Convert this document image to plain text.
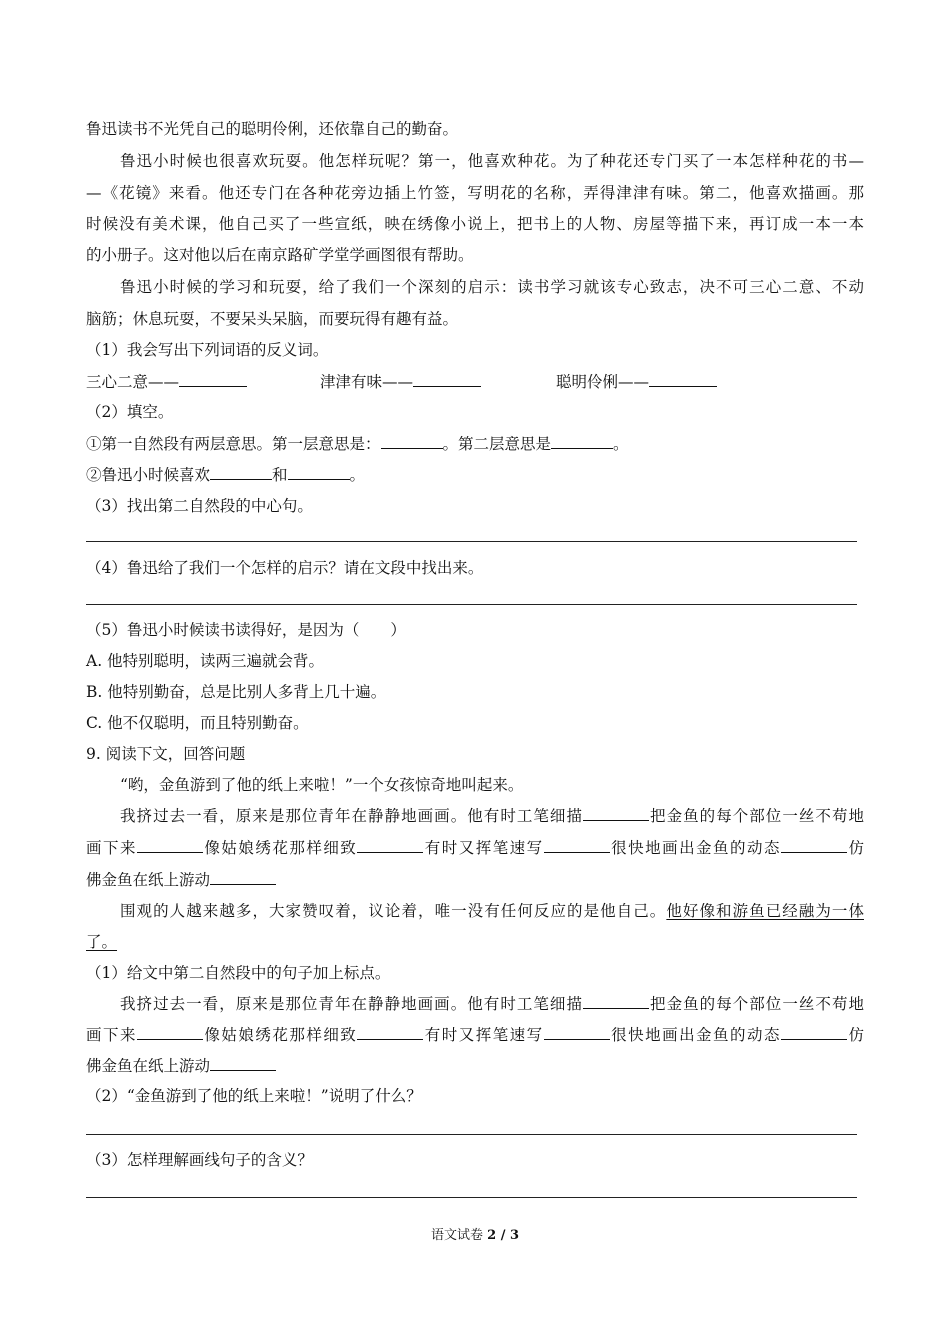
鲁迅读书不光凭自己的聪明伶俐，还依靠自己的勤奋。
鲁迅小时候也很喜欢玩耍。他怎样玩呢？第一，他喜欢种花。为了种花还专门买了一本怎样种花的书—
—《花镜》来看。他还专门在各种花旁边插上竹签，写明花的名称，弄得津津有味。第二，他喜欢描画。那
时候没有美术课，他自己买了一些宣纸，映在绣像小说上，把书上的人物、房屋等描下来，再订成一本一本
的小册子。这对他以后在南京路矿学堂学画图很有帮助。
鲁迅小时候的学习和玩耍，给了我们一个深刻的启示：读书学习就该专心致志，决不可三心二意、不动
脑筋；休息玩耍，不要呆头呆脑，而要玩得有趣有益。
（1）我会写出下列词语的反义词。
三心二意——	津津有味——	聪明伶俐——
（2）填空。
①第一自然段有两层意思。第一层意思是：	。第二层意思是	。
②鲁迅小时候喜欢	和	。
（3）找出第二自然段的中心句。
（4）鲁迅给了我们一个怎样的启示？请在文段中找出来。
（5）鲁迅小时候读书读得好，是因为（　　）
A. 他特别聪明，读两三遍就会背。
B. 他特别勤奋，总是比别人多背上几十遍。
C. 他不仅聪明，而且特别勤奋。
9. 阅读下文，回答问题
“哟，金鱼游到了他的纸上来啦！”一个女孩惊奇地叫起来。
我挤过去一看，原来是那位青年在静静地画画。他有时工笔细描	把金鱼的每个部位一丝不苟地
画下来	像姑娘绣花那样细致	有时又挥笔速写	很快地画出金鱼的动态	仿
佛金鱼在纸上游动
围观的人越来越多，大家赞叹着，议论着，唯一没有任何反应的是他自己。他好像和游鱼已经融为一体
了。
（1）给文中第二自然段中的句子加上标点。
我挤过去一看，原来是那位青年在静静地画画。他有时工笔细描	把金鱼的每个部位一丝不苟地
画下来	像姑娘绣花那样细致	有时又挥笔速写	很快地画出金鱼的动态	仿
佛金鱼在纸上游动
（2）“金鱼游到了他的纸上来啦！”说明了什么？
（3）怎样理解画线句子的含义？
语文试卷 2 / 3
